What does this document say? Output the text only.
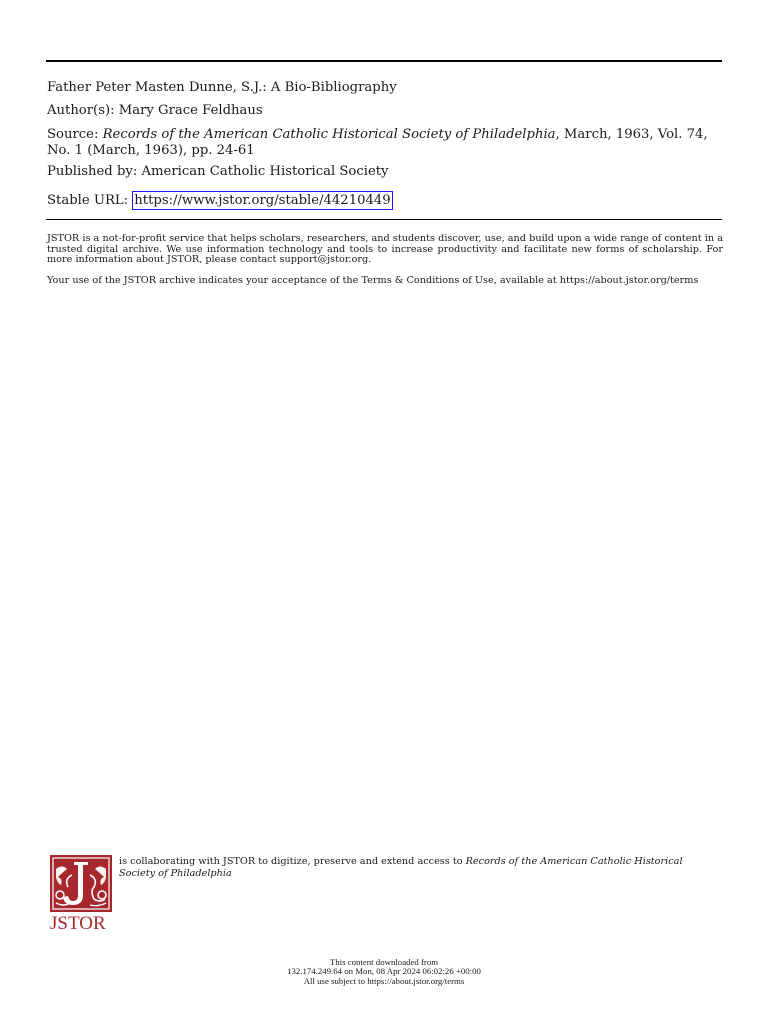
Father Peter Masten Dunne, S.J.: A Bio-Bibliography
Author(s): Mary Grace Feldhaus
Source: Records of the American Catholic Historical Society of Philadelphia, March, 1963, Vol. 74, No. 1 (March, 1963), pp. 24-61
Published by: American Catholic Historical Society
Stable URL: https://www.jstor.org/stable/44210449
JSTOR is a not-for-profit service that helps scholars, researchers, and students discover, use, and build upon a wide range of content in a trusted digital archive. We use information technology and tools to increase productivity and facilitate new forms of scholarship. For more information about JSTOR, please contact support@jstor.org.
Your use of the JSTOR archive indicates your acceptance of the Terms & Conditions of Use, available at https://about.jstor.org/terms
JSTOR
is collaborating with JSTOR to digitize, preserve and extend access to Records of the American Catholic Historical Society of Philadelphia
This content downloaded from
132.174.249.64 on Mon, 08 Apr 2024 06:02:26 +00:00
All use subject to https://about.jstor.org/terms
